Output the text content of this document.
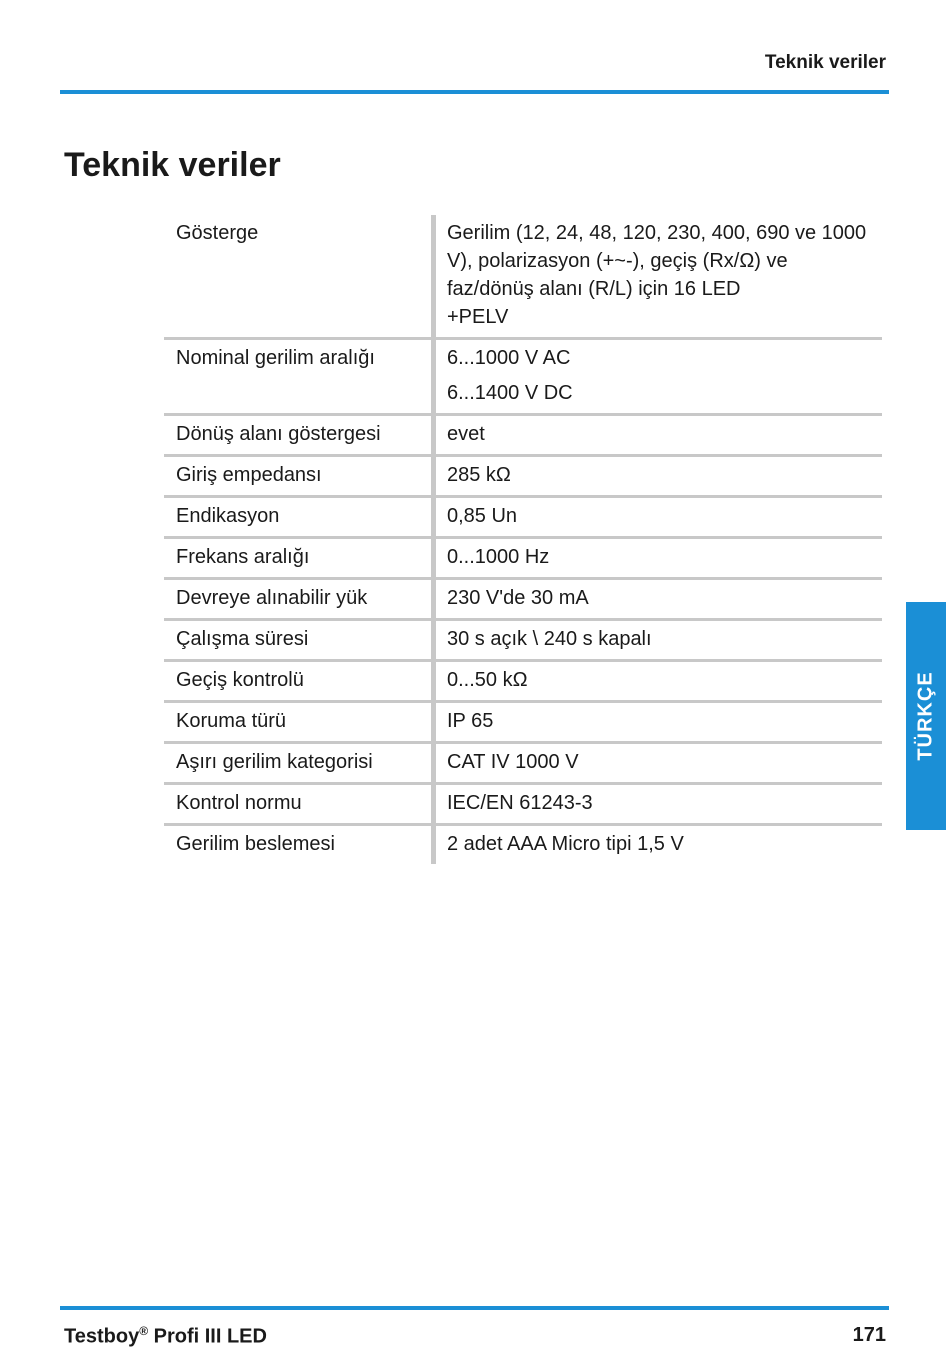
Teknik veriler
Teknik veriler
Gösterge	Gerilim (12, 24, 48, 120, 230, 400, 690 ve 1000 V), polarizasyon (+~-), geçiş (Rx/Ω) ve faz/dönüş alanı (R/L) için 16 LED
+PELV

Nominal gerilim aralığı	6...1000 V AC
6...1400 V DC

Dönüş alanı göstergesi	evet

Giriş empedansı	285 kΩ

Endikasyon	0,85 Un

Frekans aralığı	0...1000 Hz

Devreye alınabilir yük	230 V'de 30 mA

Çalışma süresi	30 s açık \ 240 s kapalı

Geçiş kontrolü	0...50 kΩ

Koruma türü	IP 65

Aşırı gerilim kategorisi	CAT IV 1000 V

Kontrol normu	IEC/EN 61243-3

Gerilim beslemesi	2 adet AAA Micro tipi 1,5 V
TÜRKÇE
Testboy® Profi III LED	171
